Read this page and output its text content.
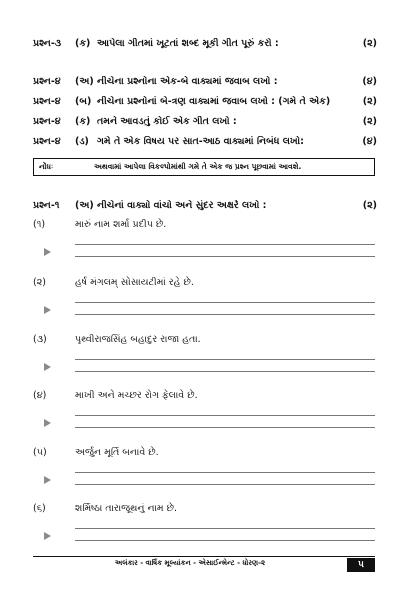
પ્રશ્ન-૩	(ક) આપેલા ગીતમાં ખૂટતાં શબ્દ મૂકી ગીત પૂરું કરો :	(૨)
પ્રશ્ન-૪	(અ) નીચેના પ્રશ્નોના એક-બે વાક્યમાં જવાબ લખો :	(૪)
પ્રશ્ન-૪	(બ) નીચેના પ્રશ્નોનાં બે-ત્રણ વાક્યમાં જવાબ લખો : (ગમે તે એક)	(૨)
પ્રશ્ન-૪	(ક) તમને આવડતું કોઈ એક ગીત લખો :	(૨)
પ્રશ્ન-૪	(ડ) ગમે તે એક વિષય પર સાત-આઠ વાક્યમાં નિબંધ લખો:	(૪)
નોંધઃ	અથવામાં આપેલા વિકલ્પોમાંથી ગમે તે એક જ પ્રશ્ન પૂછવામાં આવશે.
પ્રશ્ન-૧	(અ) નીચેનાં વાક્યો વાંચો અને સુંદર અક્ષરે લખો :	(૨)
(૧)	મારું નામ શર્મા પ્રદીપ છે.
(૨)	હર્ષ મંગલમ્ સોસાયટીમાં રહે છે.
(૩)	પૃથ્વીરાજસિંહ બહાદુર રાજા હતા.
(૪)	માખી અને મચ્છર રોગ ફેલાવે છે.
(૫)	અર્જુન મૂર્તિ બનાવે છે.
(૬)	શર્મિષ્ઠા તારાજૂથનું નામ છે.
અલંકાર - વાર્ષિક મૂલ્યાંકન - એસાઈન્મેન્ટ - ધોરણ-૨	૫
